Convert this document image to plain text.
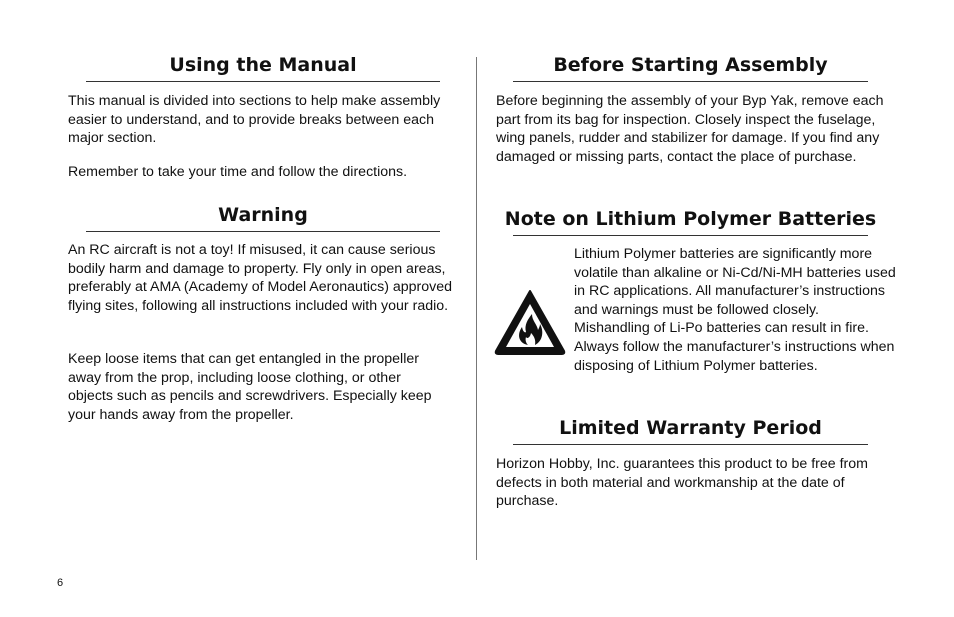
Using the Manual

This manual is divided into sections to help make assembly easier to understand, and to provide breaks between each major section.

Remember to take your time and follow the directions.

Warning

An RC aircraft is not a toy! If misused, it can cause serious bodily harm and damage to property. Fly only in open areas, preferably at AMA (Academy of Model Aeronautics) approved flying sites, following all instructions included with your radio.

Keep loose items that can get entangled in the propeller away from the prop, including loose clothing, or other objects such as pencils and screwdrivers. Especially keep your hands away from the propeller.

Before Starting Assembly

Before beginning the assembly of your Byp Yak, remove each part from its bag for inspection. Closely inspect the fuselage, wing panels, rudder and stabilizer for damage. If you find any damaged or missing parts, contact the place of purchase.

Note on Lithium Polymer Batteries

Lithium Polymer batteries are significantly more volatile than alkaline or Ni-Cd/Ni-MH batteries used in RC applications. All manufacturer’s instructions and warnings must be followed closely. Mishandling of Li-Po batteries can result in fire. Always follow the manufacturer’s instructions when disposing of Lithium Polymer batteries.

Limited Warranty Period

Horizon Hobby, Inc. guarantees this product to be free from defects in both material and workmanship at the date of purchase.

6
